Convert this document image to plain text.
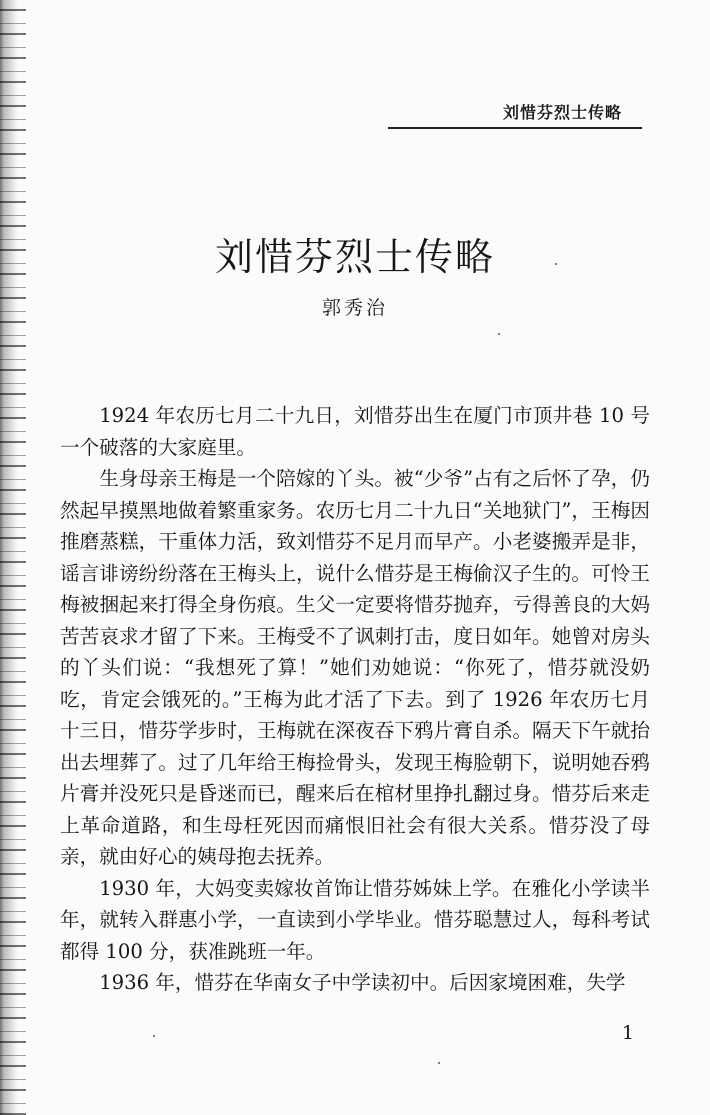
刘惜芬烈士传略
刘惜芬烈士传略
郭秀治

1924 年农历七月二十九日，刘惜芬出生在厦门市顶井巷 10 号一个破落的大家庭里。

生身母亲王梅是一个陪嫁的丫头。被“少爷”占有之后怀了孕，仍然起早摸黑地做着繁重家务。农历七月二十九日“关地狱门”，王梅因推磨蒸糕，干重体力活，致刘惜芬不足月而早产。小老婆搬弄是非，谣言诽谤纷纷落在王梅头上，说什么惜芬是王梅偷汉子生的。可怜王梅被捆起来打得全身伤痕。生父一定要将惜芬抛弃，亏得善良的大妈苦苦哀求才留了下来。王梅受不了讽刺打击，度日如年。她曾对房头的丫头们说：“我想死了算！”她们劝她说：“你死了，惜芬就没奶吃，肯定会饿死的。”王梅为此才活了下去。到了 1926 年农历七月十三日，惜芬学步时，王梅就在深夜吞下鸦片膏自杀。隔天下午就抬出去埋葬了。过了几年给王梅捡骨头，发现王梅脸朝下，说明她吞鸦片膏并没死只是昏迷而已，醒来后在棺材里挣扎翻过身。惜芬后来走上革命道路，和生母枉死因而痛恨旧社会有很大关系。惜芬没了母亲，就由好心的姨母抱去抚养。

1930 年，大妈变卖嫁妆首饰让惜芬姊妹上学。在雅化小学读半年，就转入群惠小学，一直读到小学毕业。惜芬聪慧过人，每科考试都得 100 分，获准跳班一年。

1936 年，惜芬在华南女子中学读初中。后因家境困难，失学

1
